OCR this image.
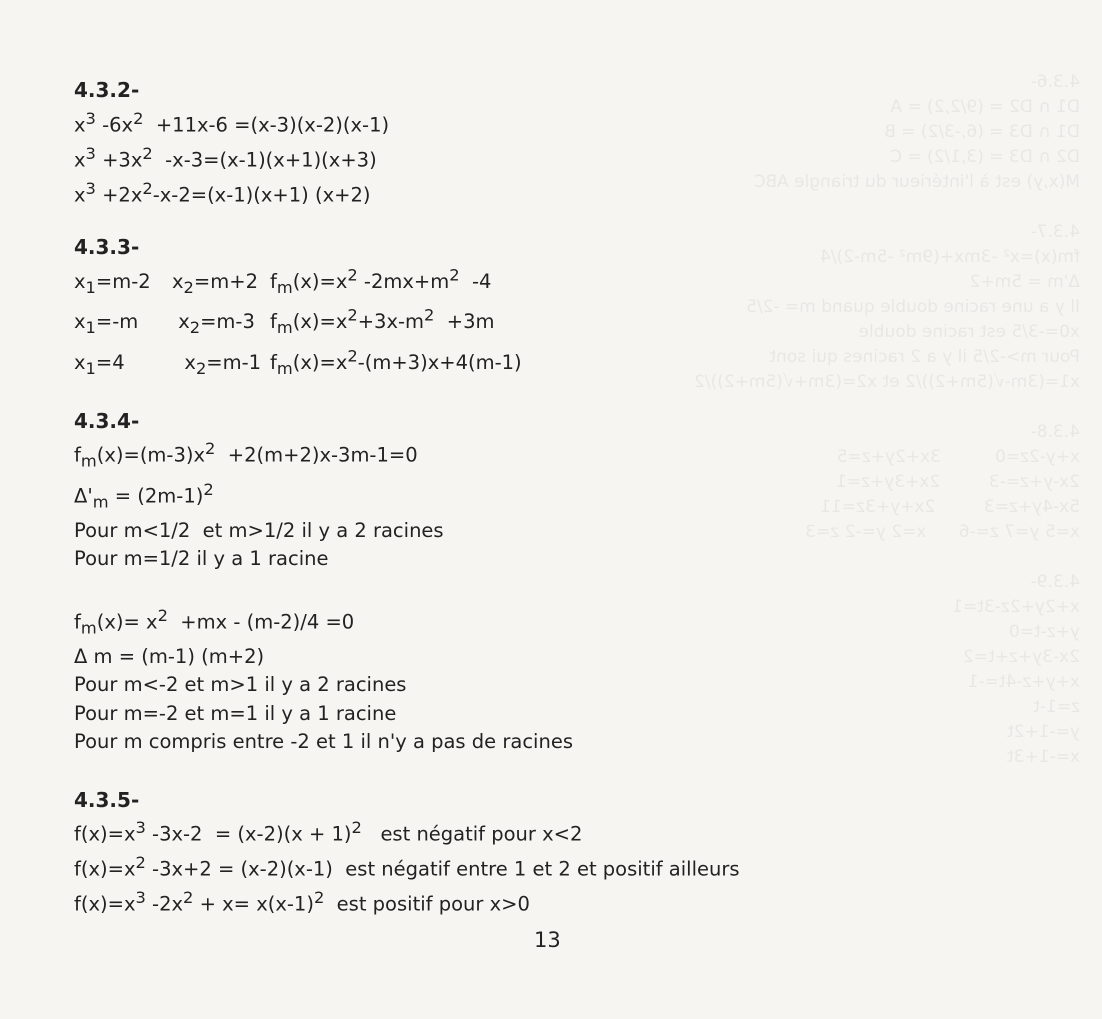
4.3.6-
D1 ∩ D2 = (9/2,2) = A
D1 ∩ D3 = (6,-3/2) = B
D2 ∩ D3 = (3,1/2) = C
M(x,y) est à l'intérieur du triangle ABC

4.3.7-
fm(x)=x² -3mx+(9m² -5m-2)/4
Δ'm = 5m+2
Il y a une racine double quand m= -2/5
x0=-3/5 est racine double
Pour m>-2/5 il y a 2 racines qui sont
x1=(3m-√(5m+2))/2 et x2=(3m+√(5m+2))/2

4.3.8-
x+y-2z=0          3x+2y+z=5
2x-y+z=-3         2x+3y+z=1
5x-4y+z=3         2x+y+3z=11
x=5 y=7 z=-6      x=2 y=-2 z=3

4.3.9-
x+2y+2z-3t=1
y+z-t=0
2x-3y+z+t=2
x+y+z-4t=-1
z=1-t
y=-1+2t
x=-1+3t
4.3.2-
$x^3$ $-6x^2 +11x-6 =(x-3)(x-2)(x-1)$
$x^3 +3x^2$  -x-3=(x-1)(x+1)(x+3)
$x^3 +2x^2-x-2=(x-1)(x+1)$ (x+2)
4.3.3-
$x_1=m-2$ $x_2=m+2$ $f_m(x)=x^2$ $-2mx+m^2$  -4
$x_1=-m$ $x_2=m-3$ $f_m(x)=x^2+3x-m^2 +3m$
$x_1=4$  $x_2=m-1$ $f_m(x)=x^2-(m+3)x+4(m-1)$
4.3.4-
$f_m(x)=(m-3)x^2 +2(m+2)x-3m-1=0$
$\Delta'_m = (2m-1)^2$
Pour m<1/2  et m>1/2 il y a 2 racines
Pour m=1/2 il y a 1 racine
$f_m(x)= x^2 +mx - (m-2)/4 =0$
Δ m = (m-1) (m+2)
Pour m<-2 et m>1 il y a 2 racines
Pour m=-2 et m=1 il y a 1 racine
Pour m compris entre -2 et 1 il n'y a pas de racines
4.3.5-
$f(x)=x^3$ $-3x-2 = (x-2)(x + 1)^2$   est négatif pour x<2
$f(x)=x^2$ -3x+2 = (x-2)(x-1)  est négatif entre 1 et 2 et positif ailleurs
$f(x)=x^3$ $-2x^2 + x= x(x-1)^2$  est positif pour x>0
13
